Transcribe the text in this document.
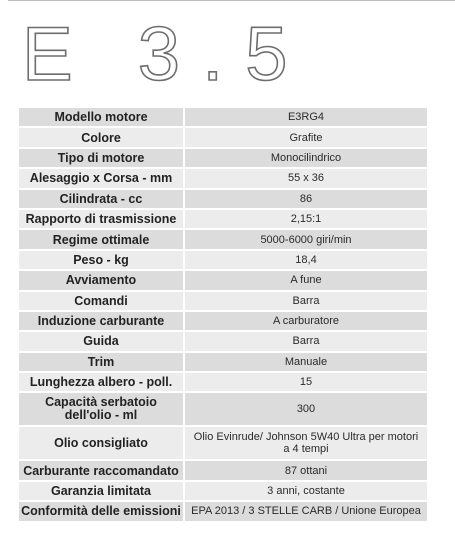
E 3.5
Modello motore	E3RG4
Colore	Grafite
Tipo di motore	Monocilindrico
Alesaggio x Corsa - mm	55 x 36
Cilindrata - cc	86
Rapporto di trasmissione	2,15:1
Regime ottimale	5000-6000 giri/min
Peso - kg	18,4
Avviamento	A fune
Comandi	Barra
Induzione carburante	A carburatore
Guida	Barra
Trim	Manuale
Lunghezza albero - poll.	15

Capacità serbatoio
dell'olio - ml	300
Olio consigliato	Olio Evinrude/ Johnson 5W40 Ultra per motori
a 4 tempi

Carburante raccomandato	87 ottani
Garanzia limitata	3 anni, costante
Conformità delle emissioni	EPA 2013 / 3 STELLE CARB / Unione Europea
